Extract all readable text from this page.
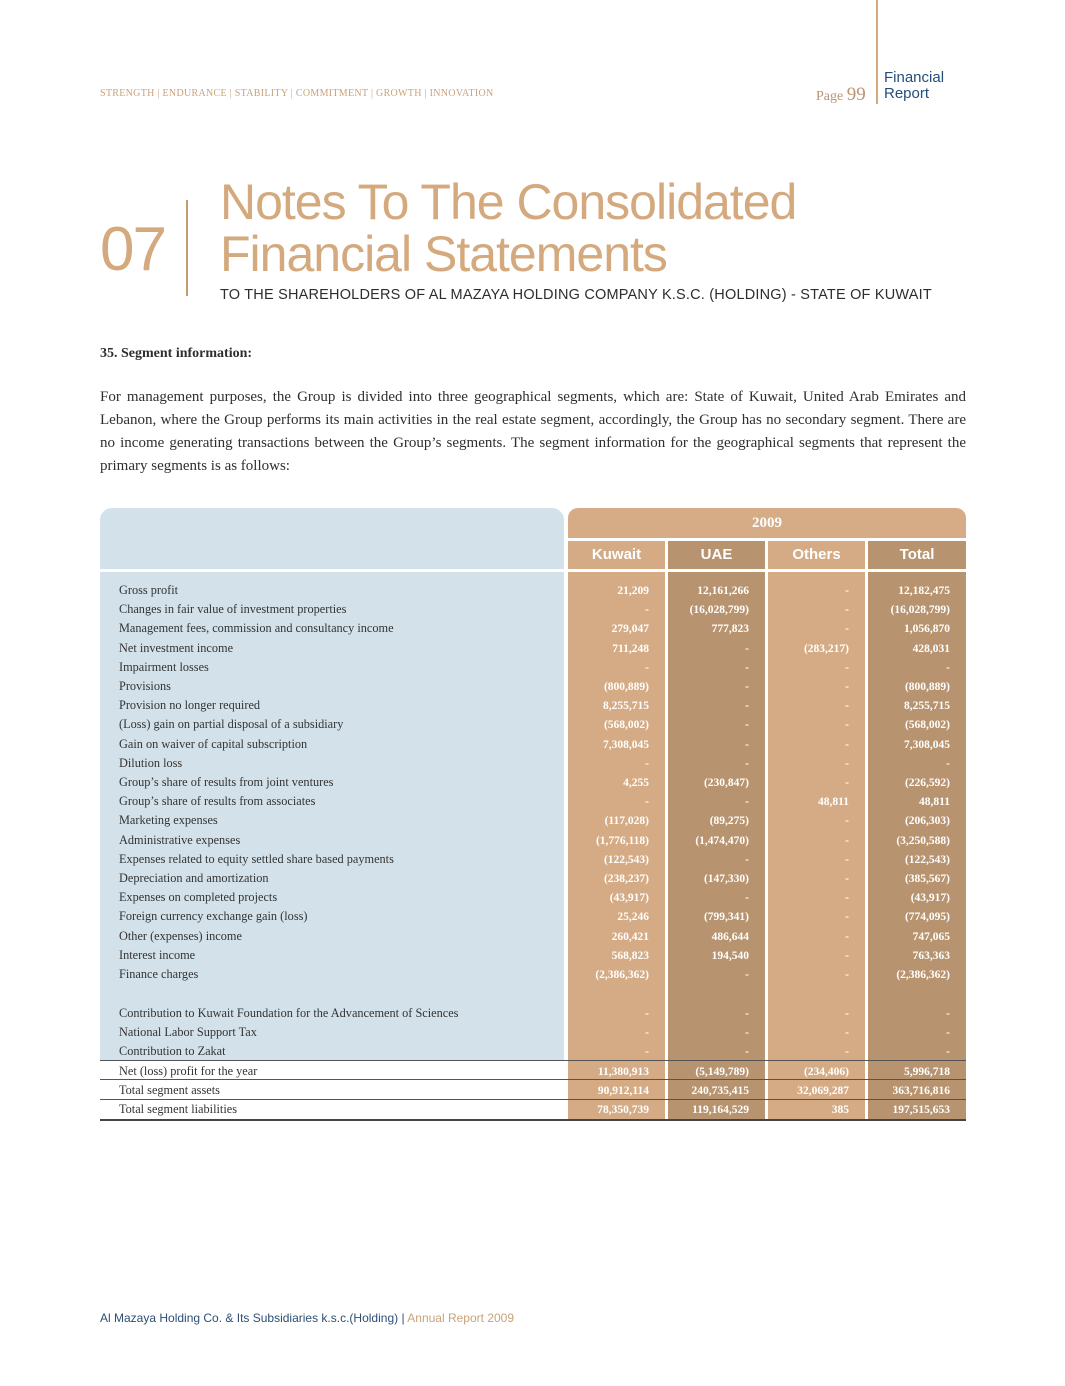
STRENGTH | ENDURANCE | STABILITY | COMMITMENT | GROWTH | INNOVATION	Page 99
Financial
Report
07
Notes To The Consolidated
Financial Statements
TO THE SHAREHOLDERS OF AL MAZAYA HOLDING COMPANY K.S.C. (HOLDING) - STATE OF KUWAIT
35. Segment information:
For management purposes, the Group is divided into three geographical segments, which are: State of Kuwait, United Arab Emirates and Lebanon, where the Group performs its main activities in the real estate segment, accordingly, the Group has no secondary segment. There are no income generating transactions between the Group’s segments. The segment information for the geographical segments that represent the primary segments is as follows:
2009
Kuwait	UAE	Others	Total
Gross profit	21,209	12,161,266	-	12,182,475
Changes in fair value of investment properties	-	(16,028,799)	-	(16,028,799)
Management fees, commission and consultancy income	279,047	777,823	-	1,056,870
Net investment income	711,248	-	(283,217)	428,031
Impairment losses	-	-	-	-
Provisions	(800,889)	-	-	(800,889)
Provision no longer required	8,255,715	-	-	8,255,715
(Loss) gain on partial disposal of a subsidiary	(568,002)	-	-	(568,002)
Gain on waiver of capital subscription	7,308,045	-	-	7,308,045
Dilution loss	-	-	-	-
Group’s share of results from joint ventures	4,255	(230,847)	-	(226,592)
Group’s share of results from associates	-	-	48,811	48,811
Marketing expenses	(117,028)	(89,275)	-	(206,303)
Administrative expenses	(1,776,118)	(1,474,470)	-	(3,250,588)
Expenses related to equity settled share based payments	(122,543)	-	-	(122,543)
Depreciation and amortization	(238,237)	(147,330)	-	(385,567)
Expenses on completed projects	(43,917)	-	-	(43,917)
Foreign currency exchange gain (loss)	25,246	(799,341)	-	(774,095)
Other (expenses) income	260,421	486,644	-	747,065
Interest income	568,823	194,540	-	763,363
Finance charges	(2,386,362)	-	-	(2,386,362)
Contribution to Kuwait Foundation for the Advancement of Sciences	-	-	-	-
National Labor Support Tax	-	-	-	-
Contribution to Zakat	-	-	-	-
Net (loss) profit for the year	11,380,913	(5,149,789)	(234,406)	5,996,718
Total segment assets	90,912,114	240,735,415	32,069,287	363,716,816
Total segment liabilities	78,350,739	119,164,529	385	197,515,653
Al Mazaya Holding Co. & Its Subsidiaries k.s.c.(Holding) | Annual Report 2009
